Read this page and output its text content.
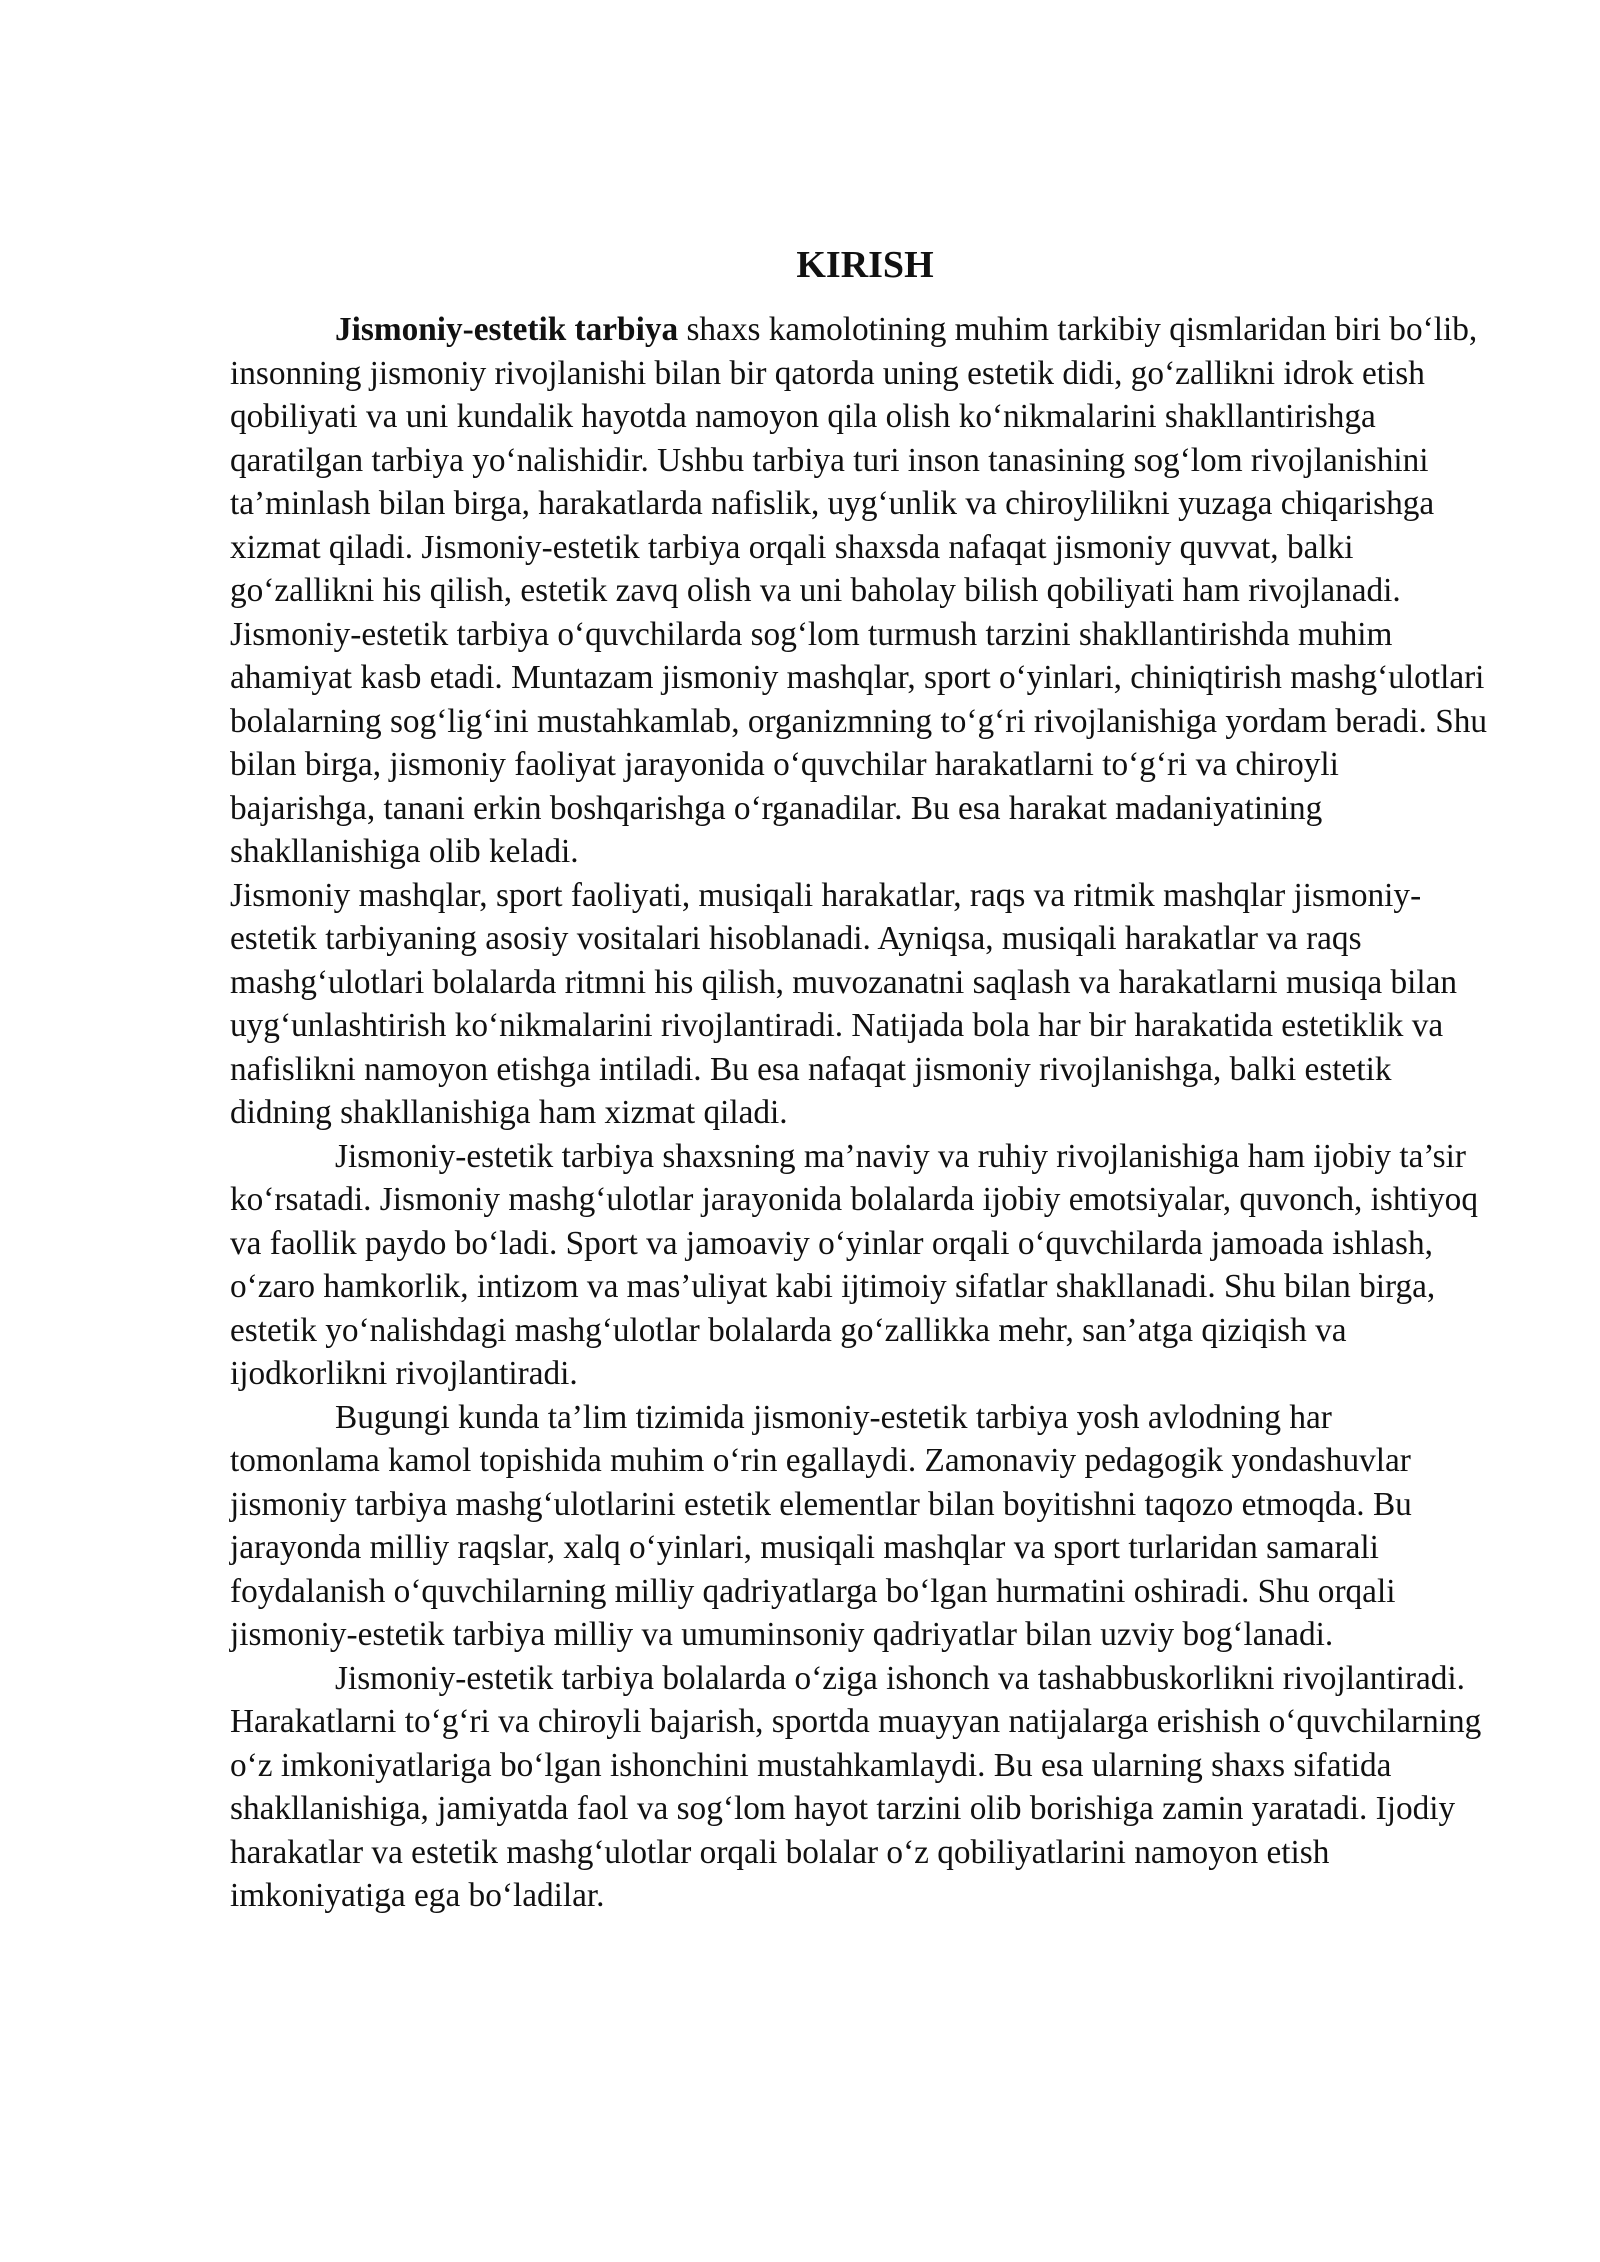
KIRISH

Jismoniy-estetik tarbiya shaxs kamolotining muhim tarkibiy qismlaridan biri bo‘lib, insonning jismoniy rivojlanishi bilan bir qatorda uning estetik didi, go‘zallikni idrok etish qobiliyati va uni kundalik hayotda namoyon qila olish ko‘nikmalarini shakllantirishga qaratilgan tarbiya yo‘nalishidir. Ushbu tarbiya turi inson tanasining sog‘lom rivojlanishini ta’minlash bilan birga, harakatlarda nafislik, uyg‘unlik va chiroylilikni yuzaga chiqarishga xizmat qiladi. Jismoniy-estetik tarbiya orqali shaxsda nafaqat jismoniy quvvat, balki go‘zallikni his qilish, estetik zavq olish va uni baholay bilish qobiliyati ham rivojlanadi.

Jismoniy-estetik tarbiya o‘quvchilarda sog‘lom turmush tarzini shakllantirishda muhim ahamiyat kasb etadi. Muntazam jismoniy mashqlar, sport o‘yinlari, chiniqtirish mashg‘ulotlari bolalarning sog‘lig‘ini mustahkamlab, organizmning to‘g‘ri rivojlanishiga yordam beradi. Shu bilan birga, jismoniy faoliyat jarayonida o‘quvchilar harakatlarni to‘g‘ri va chiroyli bajarishga, tanani erkin boshqarishga o‘rganadilar. Bu esa harakat madaniyatining shakllanishiga olib keladi.

Jismoniy mashqlar, sport faoliyati, musiqali harakatlar, raqs va ritmik mashqlar jismoniy-estetik tarbiyaning asosiy vositalari hisoblanadi. Ayniqsa, musiqali harakatlar va raqs mashg‘ulotlari bolalarda ritmni his qilish, muvozanatni saqlash va harakatlarni musiqa bilan uyg‘unlashtirish ko‘nikmalarini rivojlantiradi. Natijada bola har bir harakatida estetiklik va nafislikni namoyon etishga intiladi. Bu esa nafaqat jismoniy rivojlanishga, balki estetik didning shakllanishiga ham xizmat qiladi.

Jismoniy-estetik tarbiya shaxsning ma’naviy va ruhiy rivojlanishiga ham ijobiy ta’sir ko‘rsatadi. Jismoniy mashg‘ulotlar jarayonida bolalarda ijobiy emotsiyalar, quvonch, ishtiyoq va faollik paydo bo‘ladi. Sport va jamoaviy o‘yinlar orqali o‘quvchilarda jamoada ishlash, o‘zaro hamkorlik, intizom va mas’uliyat kabi ijtimoiy sifatlar shakllanadi. Shu bilan birga, estetik yo‘nalishdagi mashg‘ulotlar bolalarda go‘zallikka mehr, san’atga qiziqish va ijodkorlikni rivojlantiradi.

Bugungi kunda ta’lim tizimida jismoniy-estetik tarbiya yosh avlodning har tomonlama kamol topishida muhim o‘rin egallaydi. Zamonaviy pedagogik yondashuvlar jismoniy tarbiya mashg‘ulotlarini estetik elementlar bilan boyitishni taqozo etmoqda. Bu jarayonda milliy raqslar, xalq o‘yinlari, musiqali mashqlar va sport turlaridan samarali foydalanish o‘quvchilarning milliy qadriyatlarga bo‘lgan hurmatini oshiradi. Shu orqali jismoniy-estetik tarbiya milliy va umuminsoniy qadriyatlar bilan uzviy bog‘lanadi.

Jismoniy-estetik tarbiya bolalarda o‘ziga ishonch va tashabbuskorlikni rivojlantiradi. Harakatlarni to‘g‘ri va chiroyli bajarish, sportda muayyan natijalarga erishish o‘quvchilarning o‘z imkoniyatlariga bo‘lgan ishonchini mustahkamlaydi. Bu esa ularning shaxs sifatida shakllanishiga, jamiyatda faol va sog‘lom hayot tarzini olib borishiga zamin yaratadi. Ijodiy harakatlar va estetik mashg‘ulotlar orqali bolalar o‘z qobiliyatlarini namoyon etish imkoniyatiga ega bo‘ladilar.
